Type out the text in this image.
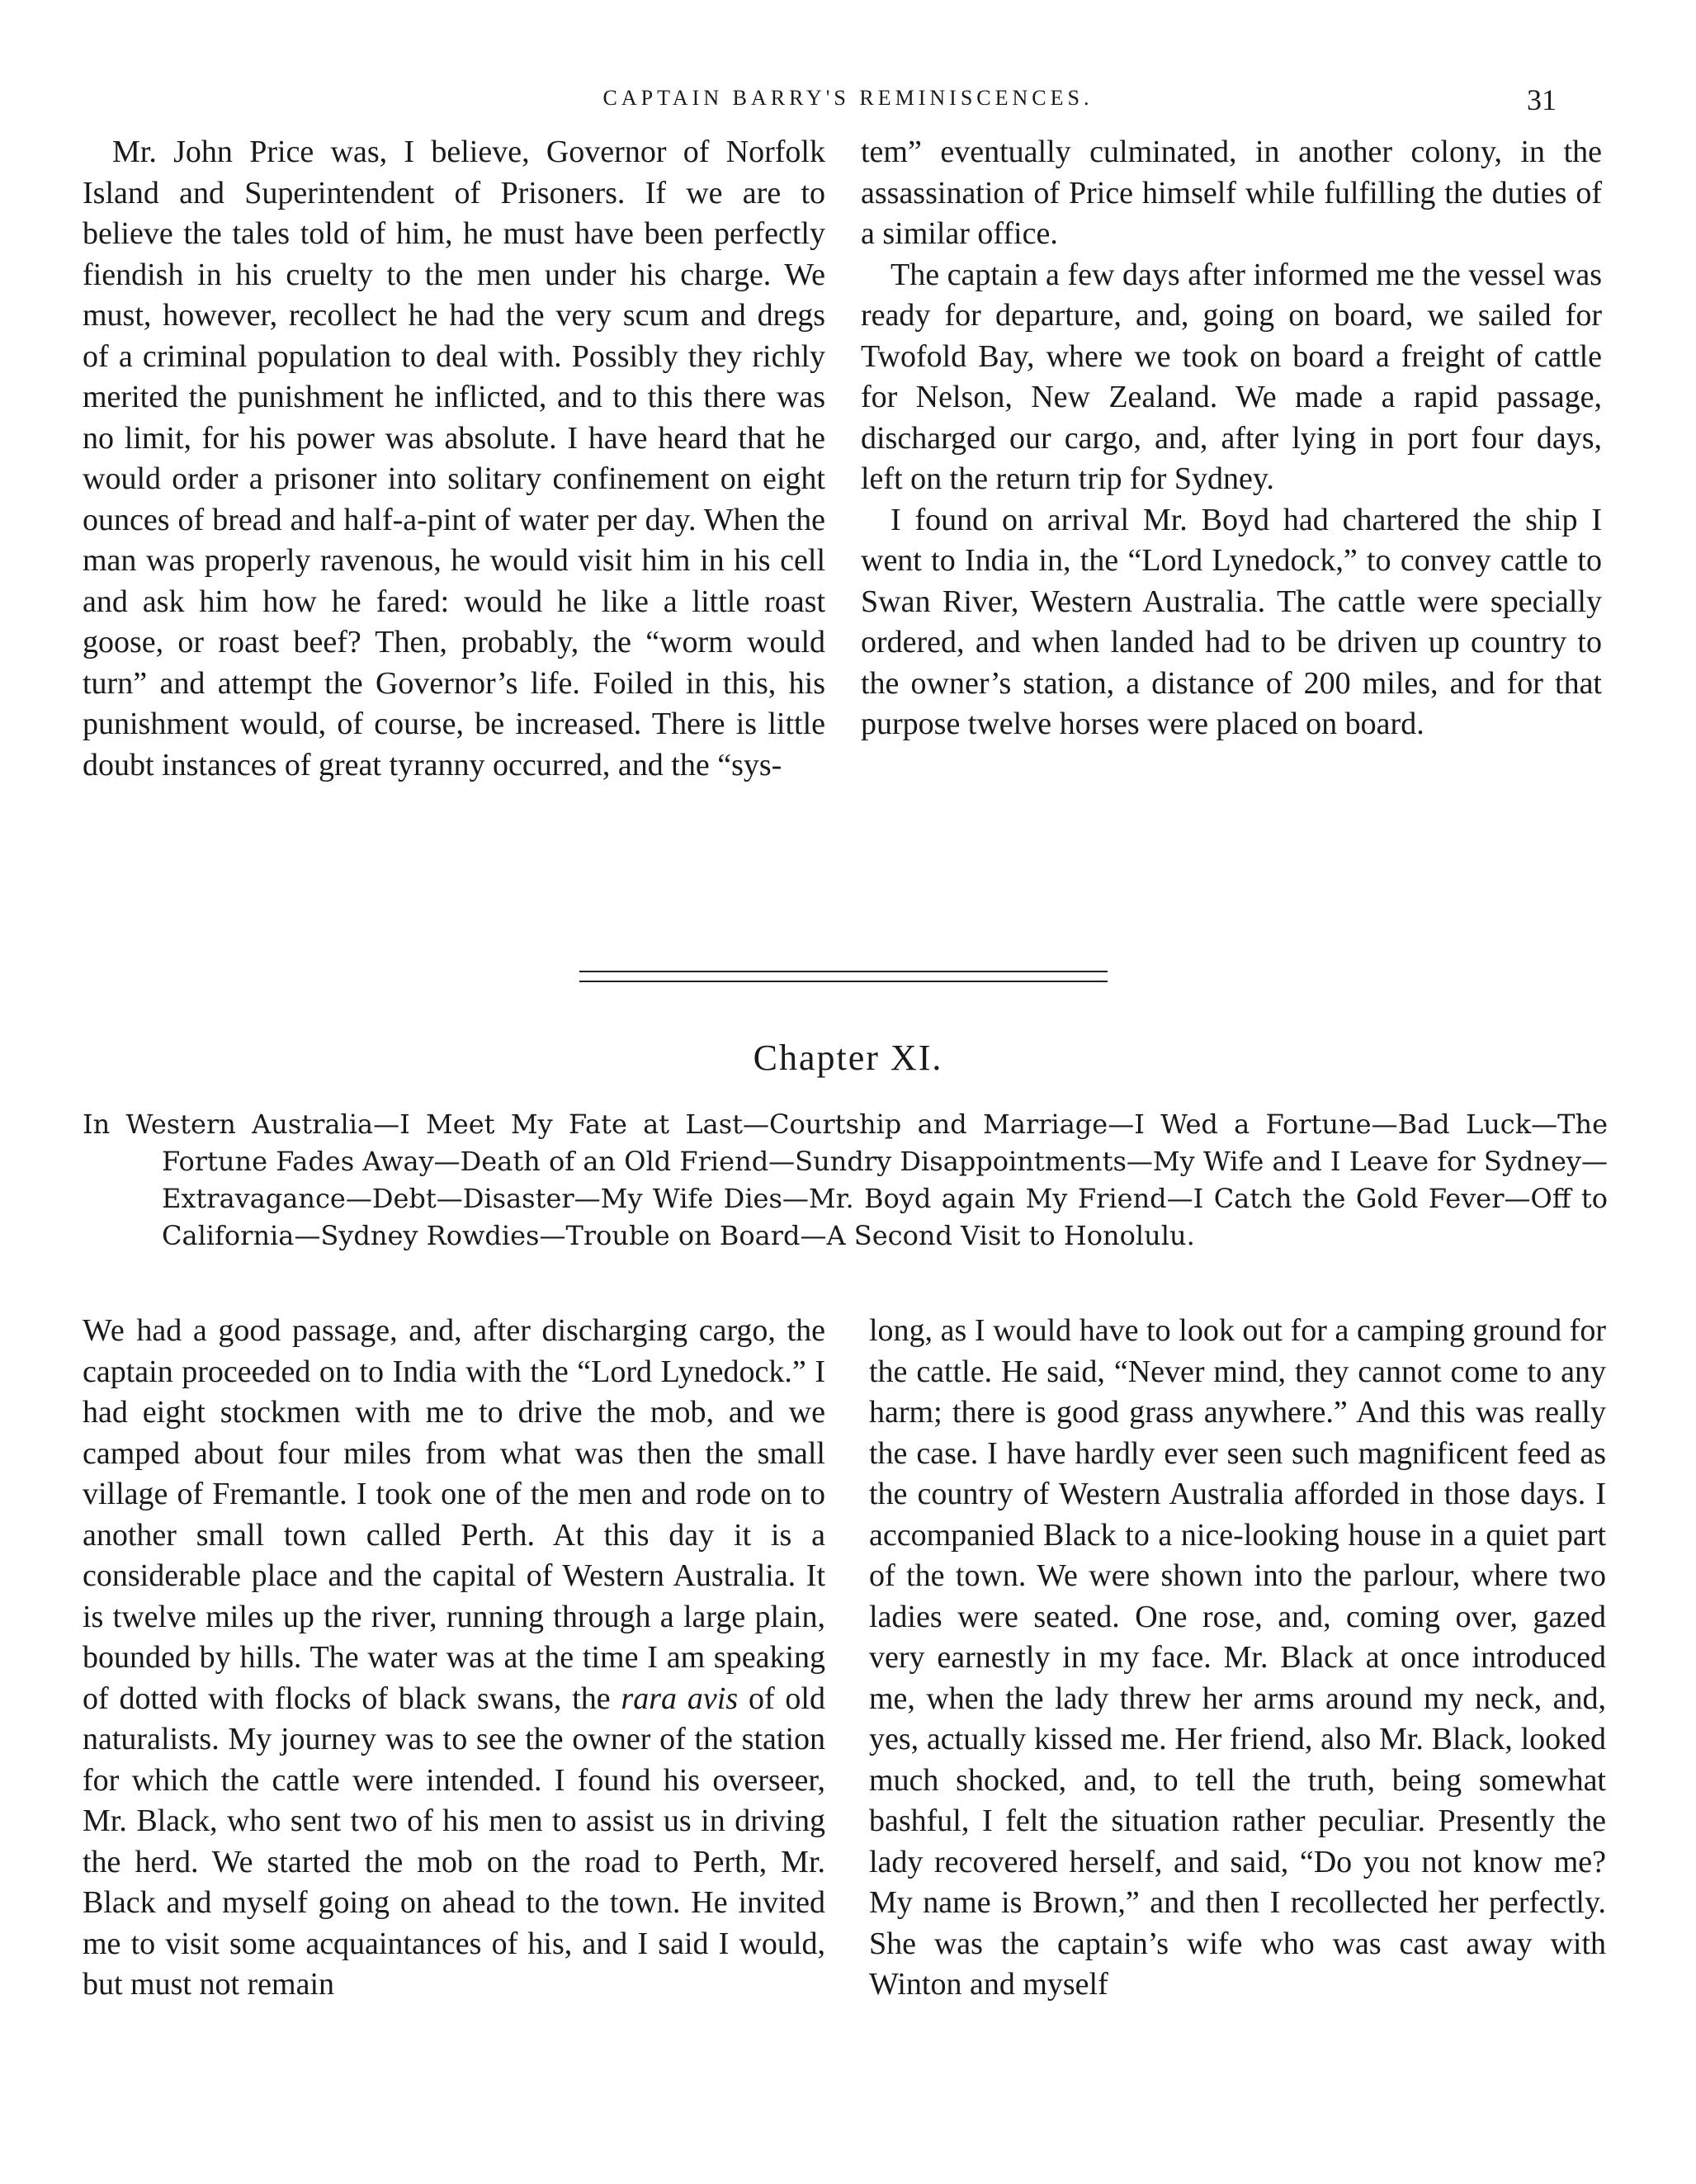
CAPTAIN BARRY'S REMINISCENCES.	31

Mr. John Price was, I believe, Governor of Norfolk Island and Superintendent of Prisoners. If we are to believe the tales told of him, he must have been perfectly fiendish in his cruelty to the men under his charge. We must, however, recollect he had the very scum and dregs of a criminal population to deal with. Possibly they richly merited the punishment he inflicted, and to this there was no limit, for his power was absolute. I have heard that he would order a prisoner into solitary confinement on eight ounces of bread and half-a-pint of water per day. When the man was properly ravenous, he would visit him in his cell and ask him how he fared: would he like a little roast goose, or roast beef? Then, probably, the “worm would turn” and attempt the Governor’s life. Foiled in this, his punishment would, of course, be increased. There is little doubt instances of great tyranny occurred, and the “sys-

tem” eventually culminated, in another colony, in the assassination of Price himself while fulfilling the duties of a similar office.

The captain a few days after informed me the vessel was ready for departure, and, going on board, we sailed for Twofold Bay, where we took on board a freight of cattle for Nelson, New Zealand. We made a rapid passage, discharged our cargo, and, after lying in port four days, left on the return trip for Sydney.

I found on arrival Mr. Boyd had chartered the ship I went to India in, the “Lord Lynedock,” to convey cattle to Swan River, Western Australia. The cattle were specially ordered, and when landed had to be driven up country to the owner’s station, a distance of 200 miles, and for that purpose twelve horses were placed on board.

Chapter XI.
In Western Australia—I Meet My Fate at Last—Courtship and Marriage—I Wed a Fortune—Bad Luck—The Fortune Fades Away—Death of an Old Friend—Sundry Disappointments—My Wife and I Leave for Sydney—Extravagance—Debt—Disaster—My Wife Dies—Mr. Boyd again My Friend—I Catch the Gold Fever—Off to California—Sydney Rowdies—Trouble on Board—A Second Visit to Honolulu.

We had a good passage, and, after discharging cargo, the captain proceeded on to India with the “Lord Lynedock.” I had eight stockmen with me to drive the mob, and we camped about four miles from what was then the small village of Fremantle. I took one of the men and rode on to another small town called Perth. At this day it is a considerable place and the capital of Western Australia. It is twelve miles up the river, running through a large plain, bounded by hills. The water was at the time I am speaking of dotted with flocks of black swans, the rara avis of old naturalists. My journey was to see the owner of the station for which the cattle were intended. I found his overseer, Mr. Black, who sent two of his men to assist us in driving the herd. We started the mob on the road to Perth, Mr. Black and myself going on ahead to the town. He invited me to visit some acquaintances of his, and I said I would, but must not remain

long, as I would have to look out for a camping ground for the cattle. He said, “Never mind, they cannot come to any harm; there is good grass anywhere.” And this was really the case. I have hardly ever seen such magnificent feed as the country of Western Australia afforded in those days. I accompanied Black to a nice-looking house in a quiet part of the town. We were shown into the parlour, where two ladies were seated. One rose, and, coming over, gazed very earnestly in my face. Mr. Black at once introduced me, when the lady threw her arms around my neck, and, yes, actually kissed me. Her friend, also Mr. Black, looked much shocked, and, to tell the truth, being somewhat bashful, I felt the situation rather peculiar. Presently the lady recovered herself, and said, “Do you not know me? My name is Brown,” and then I recollected her perfectly. She was the captain’s wife who was cast away with Winton and myself
